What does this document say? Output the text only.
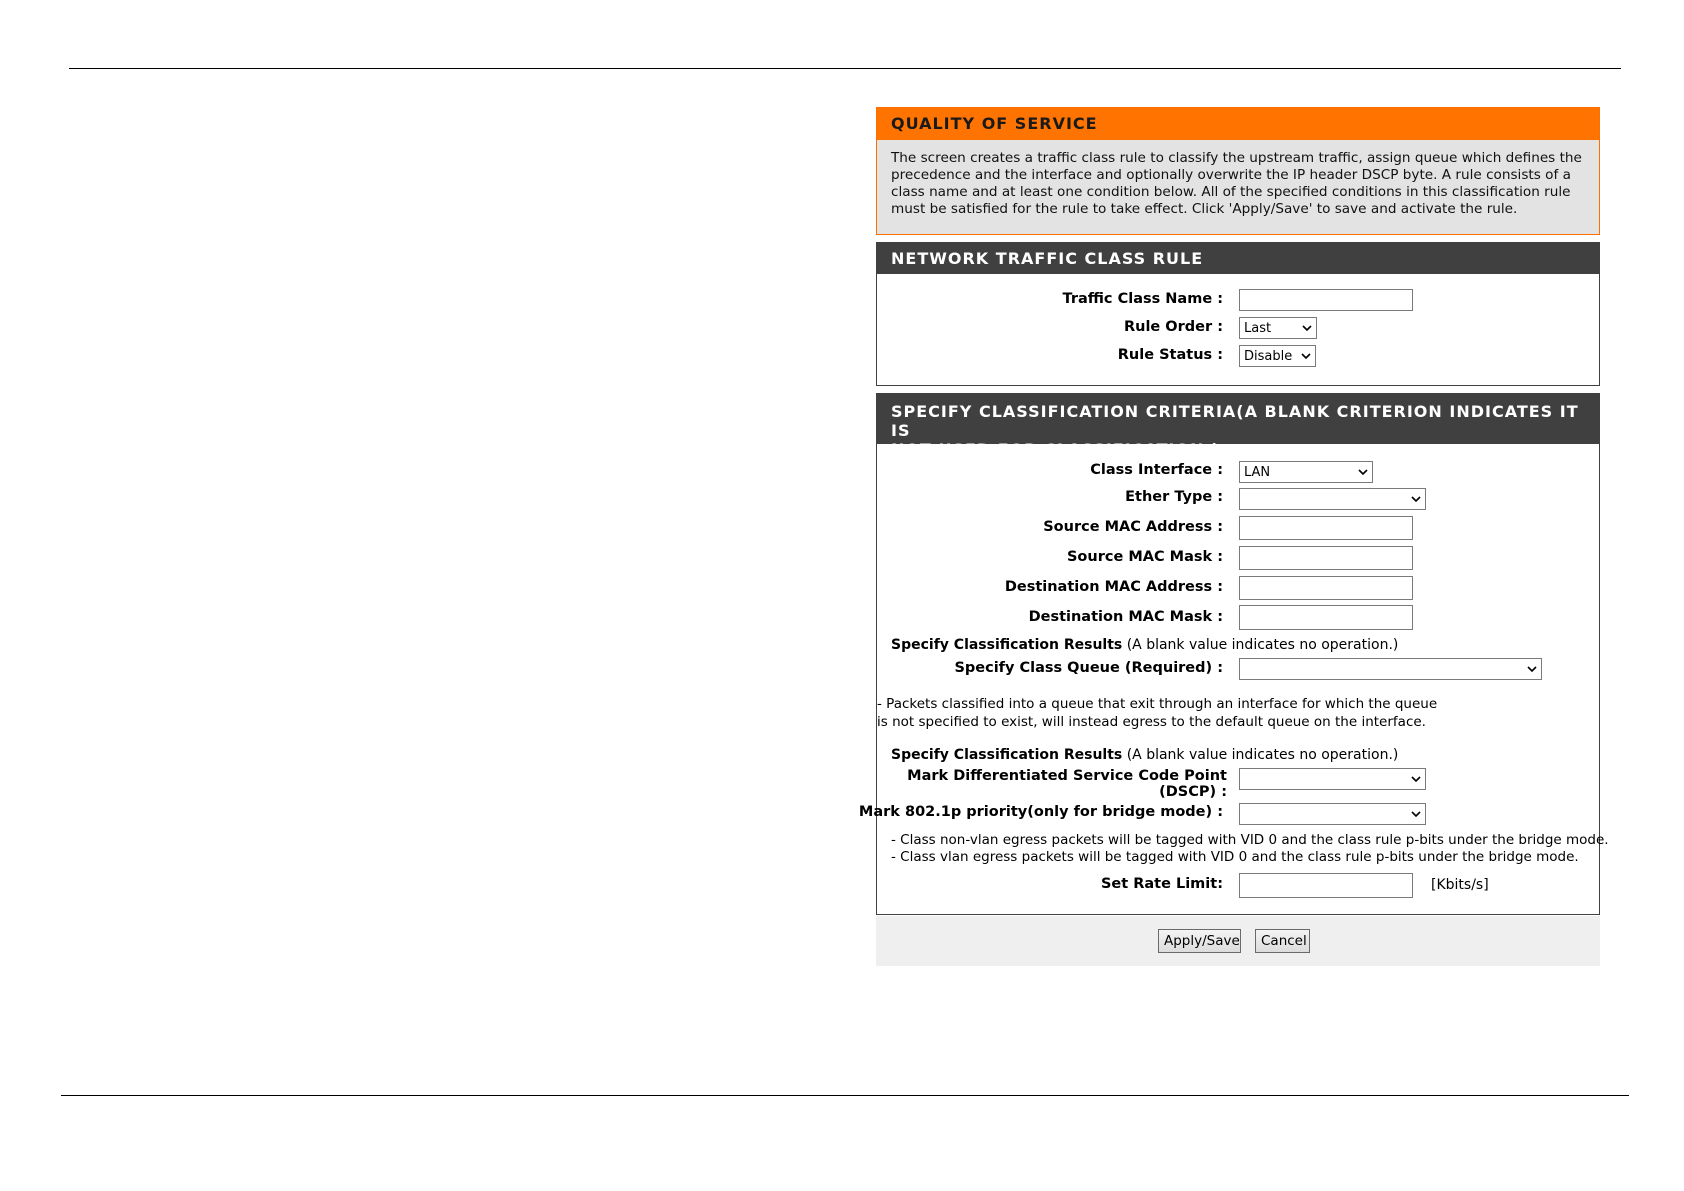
QUALITY OF SERVICE
The screen creates a traffic class rule to classify the upstream traffic, assign queue which defines the precedence and the interface and optionally overwrite the IP header DSCP byte. A rule consists of a class name and at least one condition below. All of the specified conditions in this classification rule must be satisfied for the rule to take effect. Click 'Apply/Save' to save and activate the rule.
NETWORK TRAFFIC CLASS RULE
Traffic Class Name :
Rule Order : Last
Rule Status : Disable
SPECIFY CLASSIFICATION CRITERIA(A BLANK CRITERION INDICATES IT IS
NOT USED FOR CLASSIFICATION.)
Class Interface : LAN
Ether Type :
Source MAC Address :
Source MAC Mask :
Destination MAC Address :
Destination MAC Mask :
Specify Classification Results (A blank value indicates no operation.)
Specify Class Queue (Required) :
- Packets classified into a queue that exit through an interface for which the queue
is not specified to exist, will instead egress to the default queue on the interface.
Specify Classification Results (A blank value indicates no operation.)
Mark Differentiated Service Code Point
(DSCP) :
Mark 802.1p priority(only for bridge mode) :
- Class non-vlan egress packets will be tagged with VID 0 and the class rule p-bits under the bridge mode.
- Class vlan egress packets will be tagged with VID 0 and the class rule p-bits under the bridge mode.
Set Rate Limit:	[Kbits/s]
Apply/Save	Cancel
